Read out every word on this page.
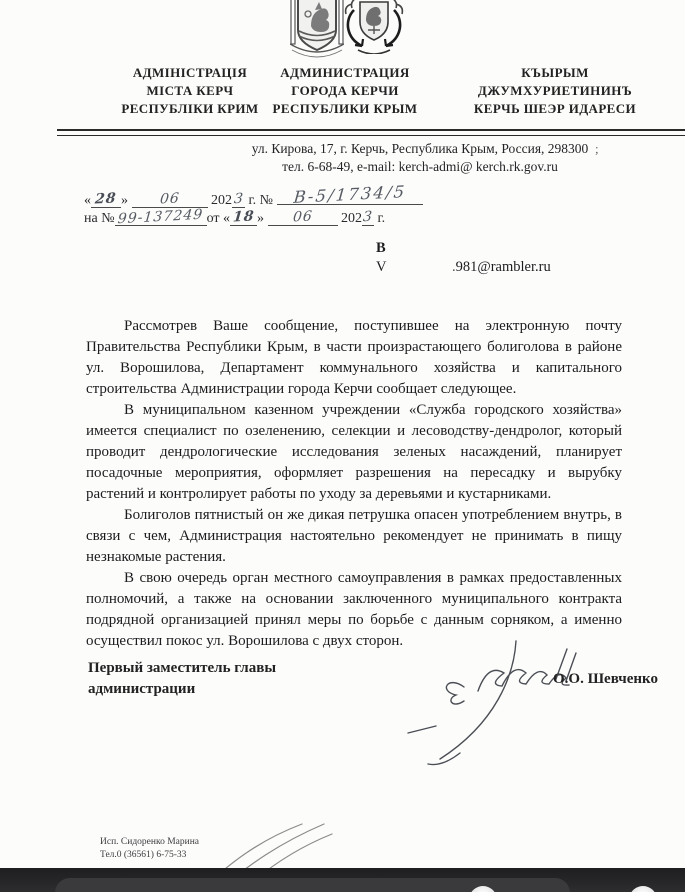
АДМІНІСТРАЦІЯ
МІСТА КЕРЧ
РЕСПУБЛІКИ КРИМ
АДМИНИСТРАЦИЯ
ГОРОДА КЕРЧИ
РЕСПУБЛИКИ КРЫМ
КЪЫРЫМ
ДЖУМХУРИЕТИНИНЪ
КЕРЧЬ ШЕЭР ИДАРЕСИ
ул. Кирова, 17, г. Керчь, Республика Крым, Россия, 298300
тел. 6-68-49, e-mail: kerch-admi@ kerch.rk.gov.ru
;
« 28 » 06 2023 г. № В-5/1734/5
на № 99-137249 от « 18 » 06 2023 г.
В
V	.981@rambler.ru

Рассмотрев Ваше сообщение, поступившее на электронную почту Правительства Республики Крым, в части произрастающего болиголова в районе ул. Ворошилова, Департамент коммунального хозяйства и капитального строительства Администрации города Керчи сообщает следующее.

В муниципальном казенном учреждении «Служба городского хозяйства» имеется специалист по озеленению, селекции и лесоводству-дендролог, который проводит дендрологические исследования зеленых насаждений, планирует посадочные мероприятия, оформляет разрешения на пересадку и вырубку растений и контролирует работы по уходу за деревьями и кустарниками.

Болиголов пятнистый он же дикая петрушка опасен употреблением внутрь, в связи с чем, Администрация настоятельно рекомендует не принимать в пищу незнакомые растения.

В свою очередь орган местного самоуправления в рамках предоставленных полномочий, а также на основании заключенного муниципального контракта подрядной организацией принял меры по борьбе с данным сорняком, а именно осуществил покос ул. Ворошилова с двух сторон.

Первый заместитель главы
администрации
О.О. Шевченко
Исп. Сидоренко Марина
Тел.0 (36561) 6-75-33
